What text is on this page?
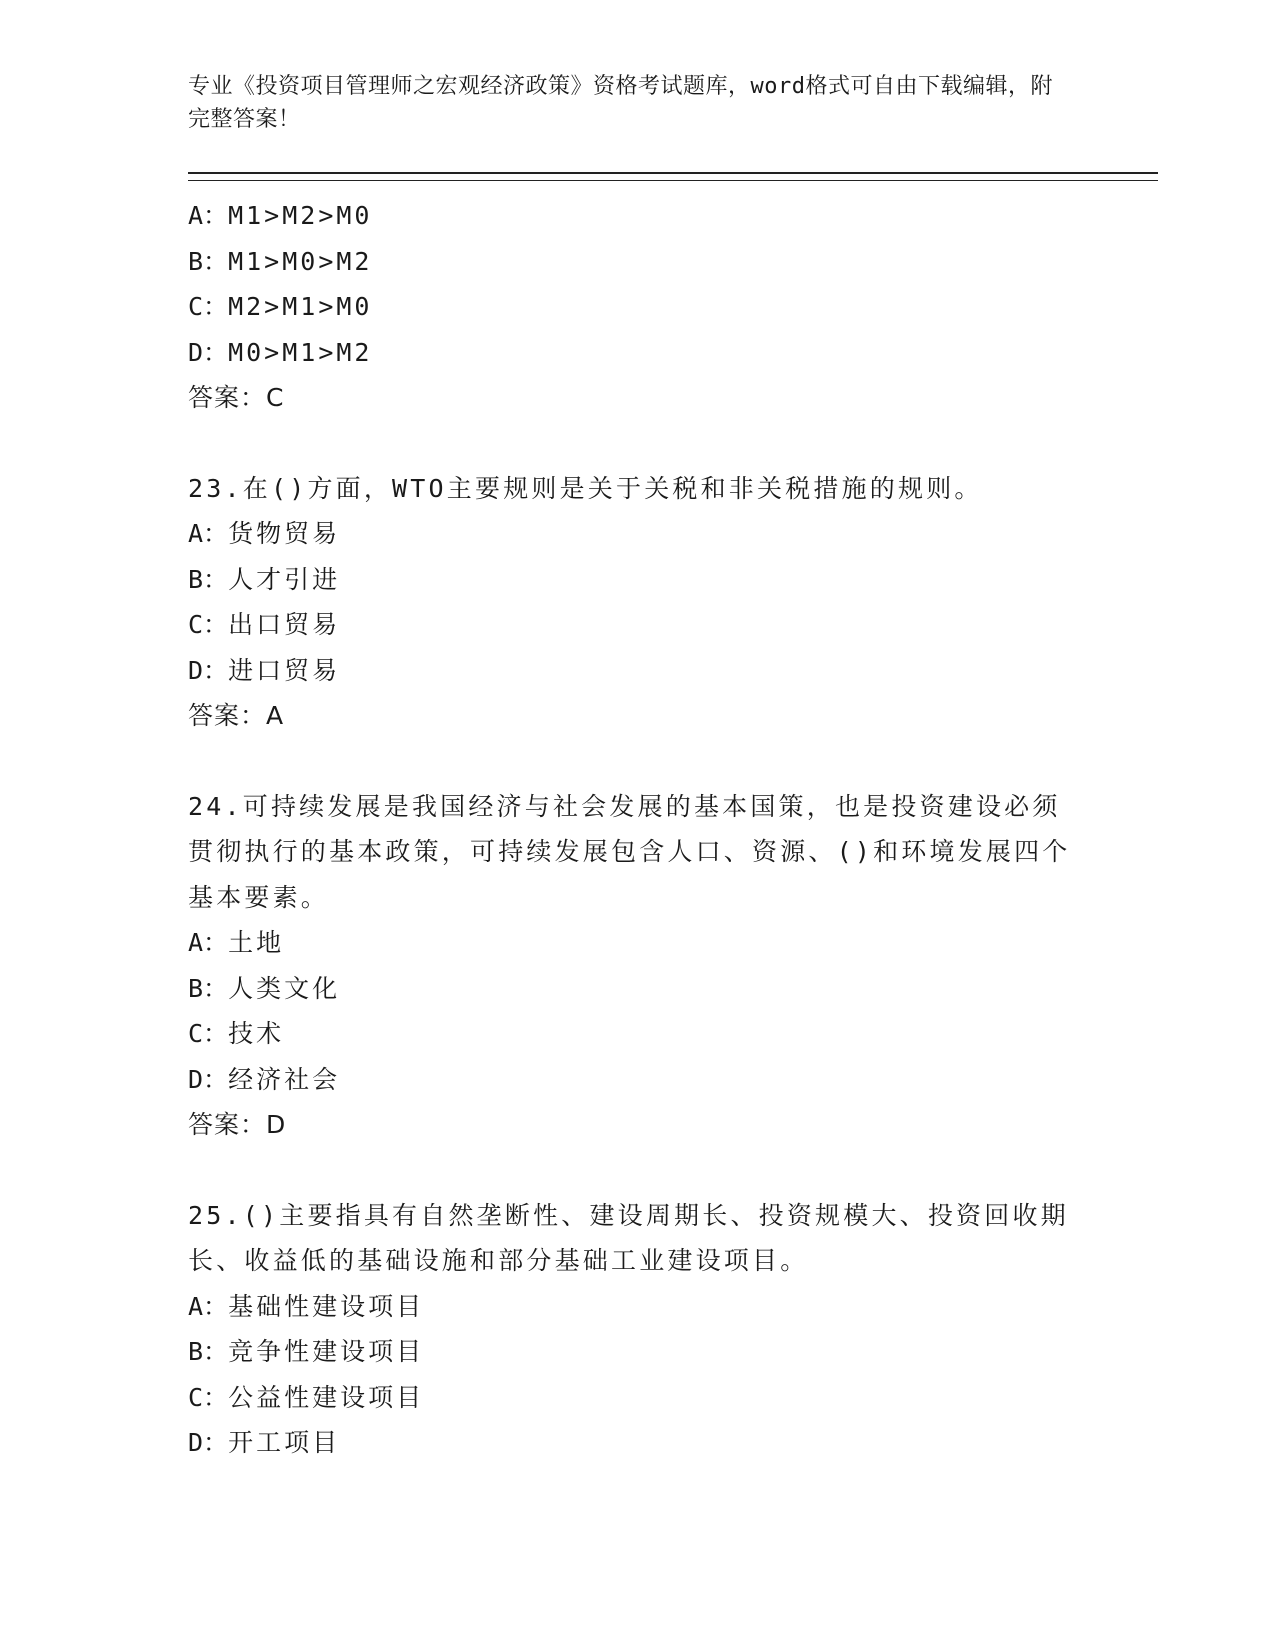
专业《投资项目管理师之宏观经济政策》资格考试题库，word格式可自由下载编辑，附完整答案！
A：M1>M2>M0
B：M1>M0>M2
C：M2>M1>M0
D：M0>M1>M2
答案：C
23.在()方面，WTO主要规则是关于关税和非关税措施的规则。
A：货物贸易
B：人才引进
C：出口贸易
D：进口贸易
答案：A
24.可持续发展是我国经济与社会发展的基本国策，也是投资建设必须贯彻执行的基本政策，可持续发展包含人口、资源、()和环境发展四个基本要素。
A：土地
B：人类文化
C：技术
D：经济社会
答案：D
25.()主要指具有自然垄断性、建设周期长、投资规模大、投资回收期长、收益低的基础设施和部分基础工业建设项目。
A：基础性建设项目
B：竞争性建设项目
C：公益性建设项目
D：开工项目
